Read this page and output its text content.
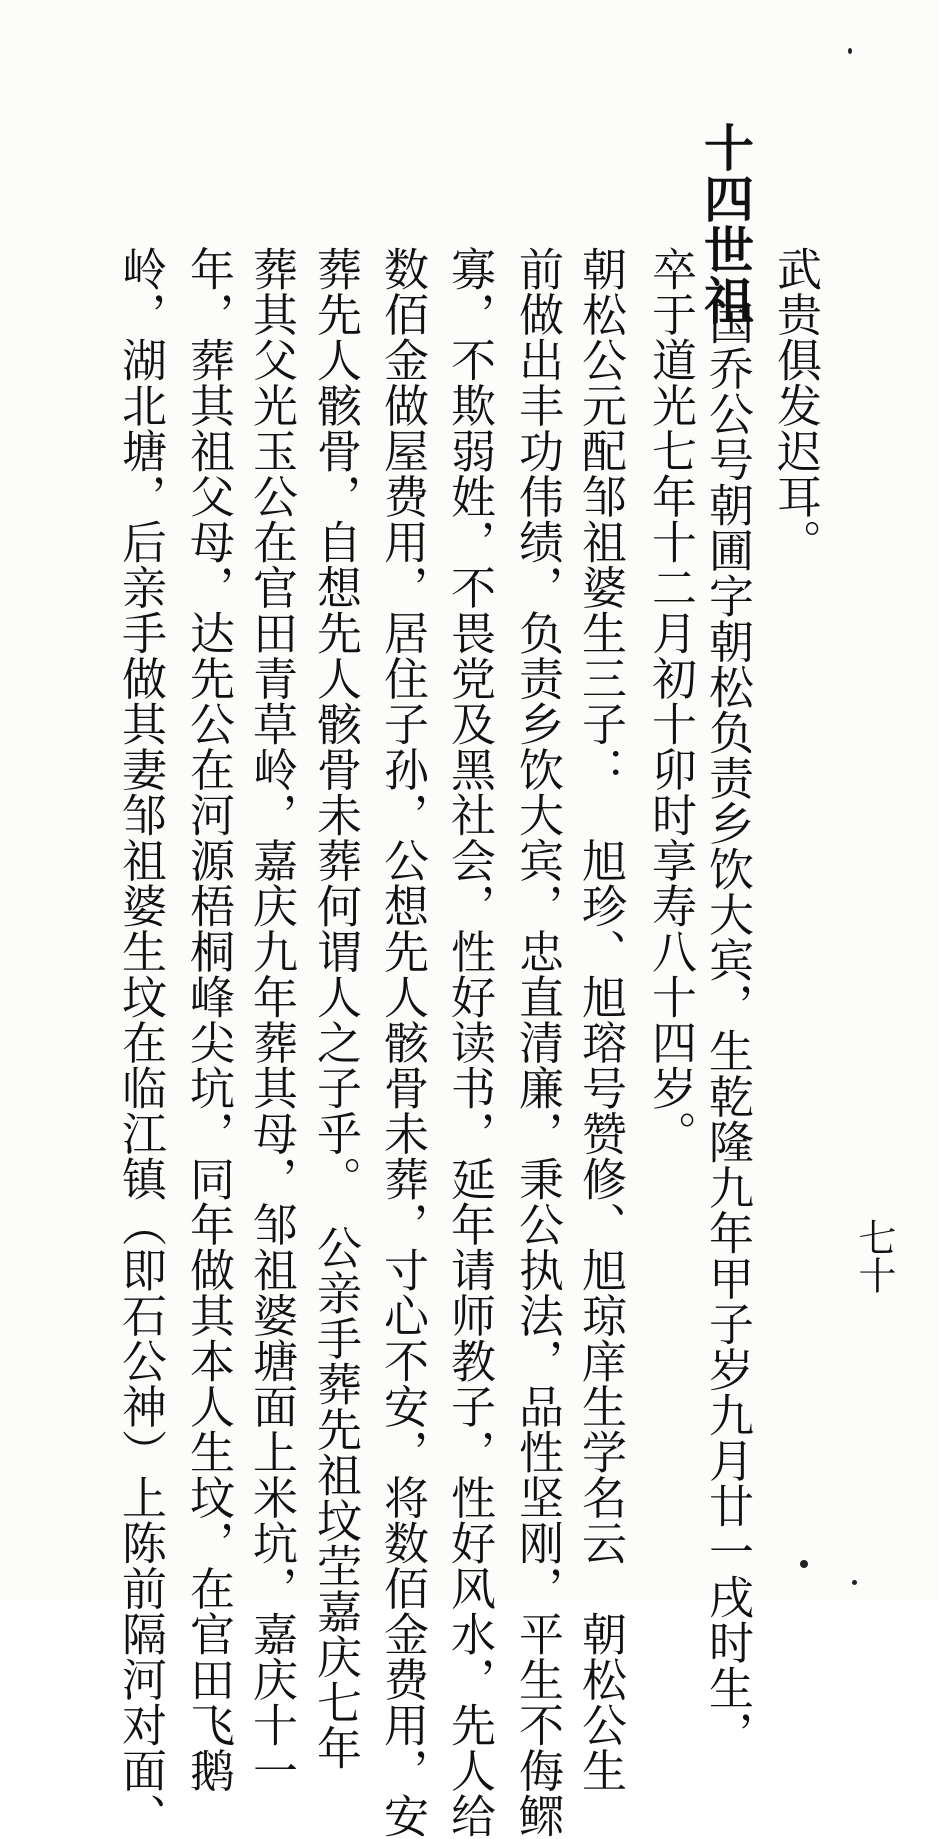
七十
十四世祖
武贵俱发迟耳。
国乔公号朝圃字朝松负责乡饮大宾，生乾隆九年甲子岁九月廿一戌时生，
卒于道光七年十二月初十卯时享寿八十四岁。
朝松公元配邹祖婆生三子：　旭珍、旭瑢号赞修、旭琼庠生学名云　朝松公生
前做出丰功伟绩，负责乡饮大宾，忠直清廉，秉公执法，品性坚刚，平生不侮鳏
寡，不欺弱姓，不畏党及黑社会，性好读书，延年请师教子，性好风水，先人给
数佰金做屋费用，居住子孙，公想先人骸骨未葬，寸心不安，将数佰金费用，安
葬先人骸骨，自想先人骸骨未葬何谓人之子乎。　公亲手葬先祖坟茔嘉庆七年
葬其父光玉公在官田青草岭，嘉庆九年葬其母，邹祖婆塘面上米坑，嘉庆十一
年，葬其祖父母，达先公在河源梧桐峰尖坑，同年做其本人生坟，在官田飞鹅
岭，湖北塘，后亲手做其妻邹祖婆生坟在临江镇（即石公神）上陈前隔河对面、
